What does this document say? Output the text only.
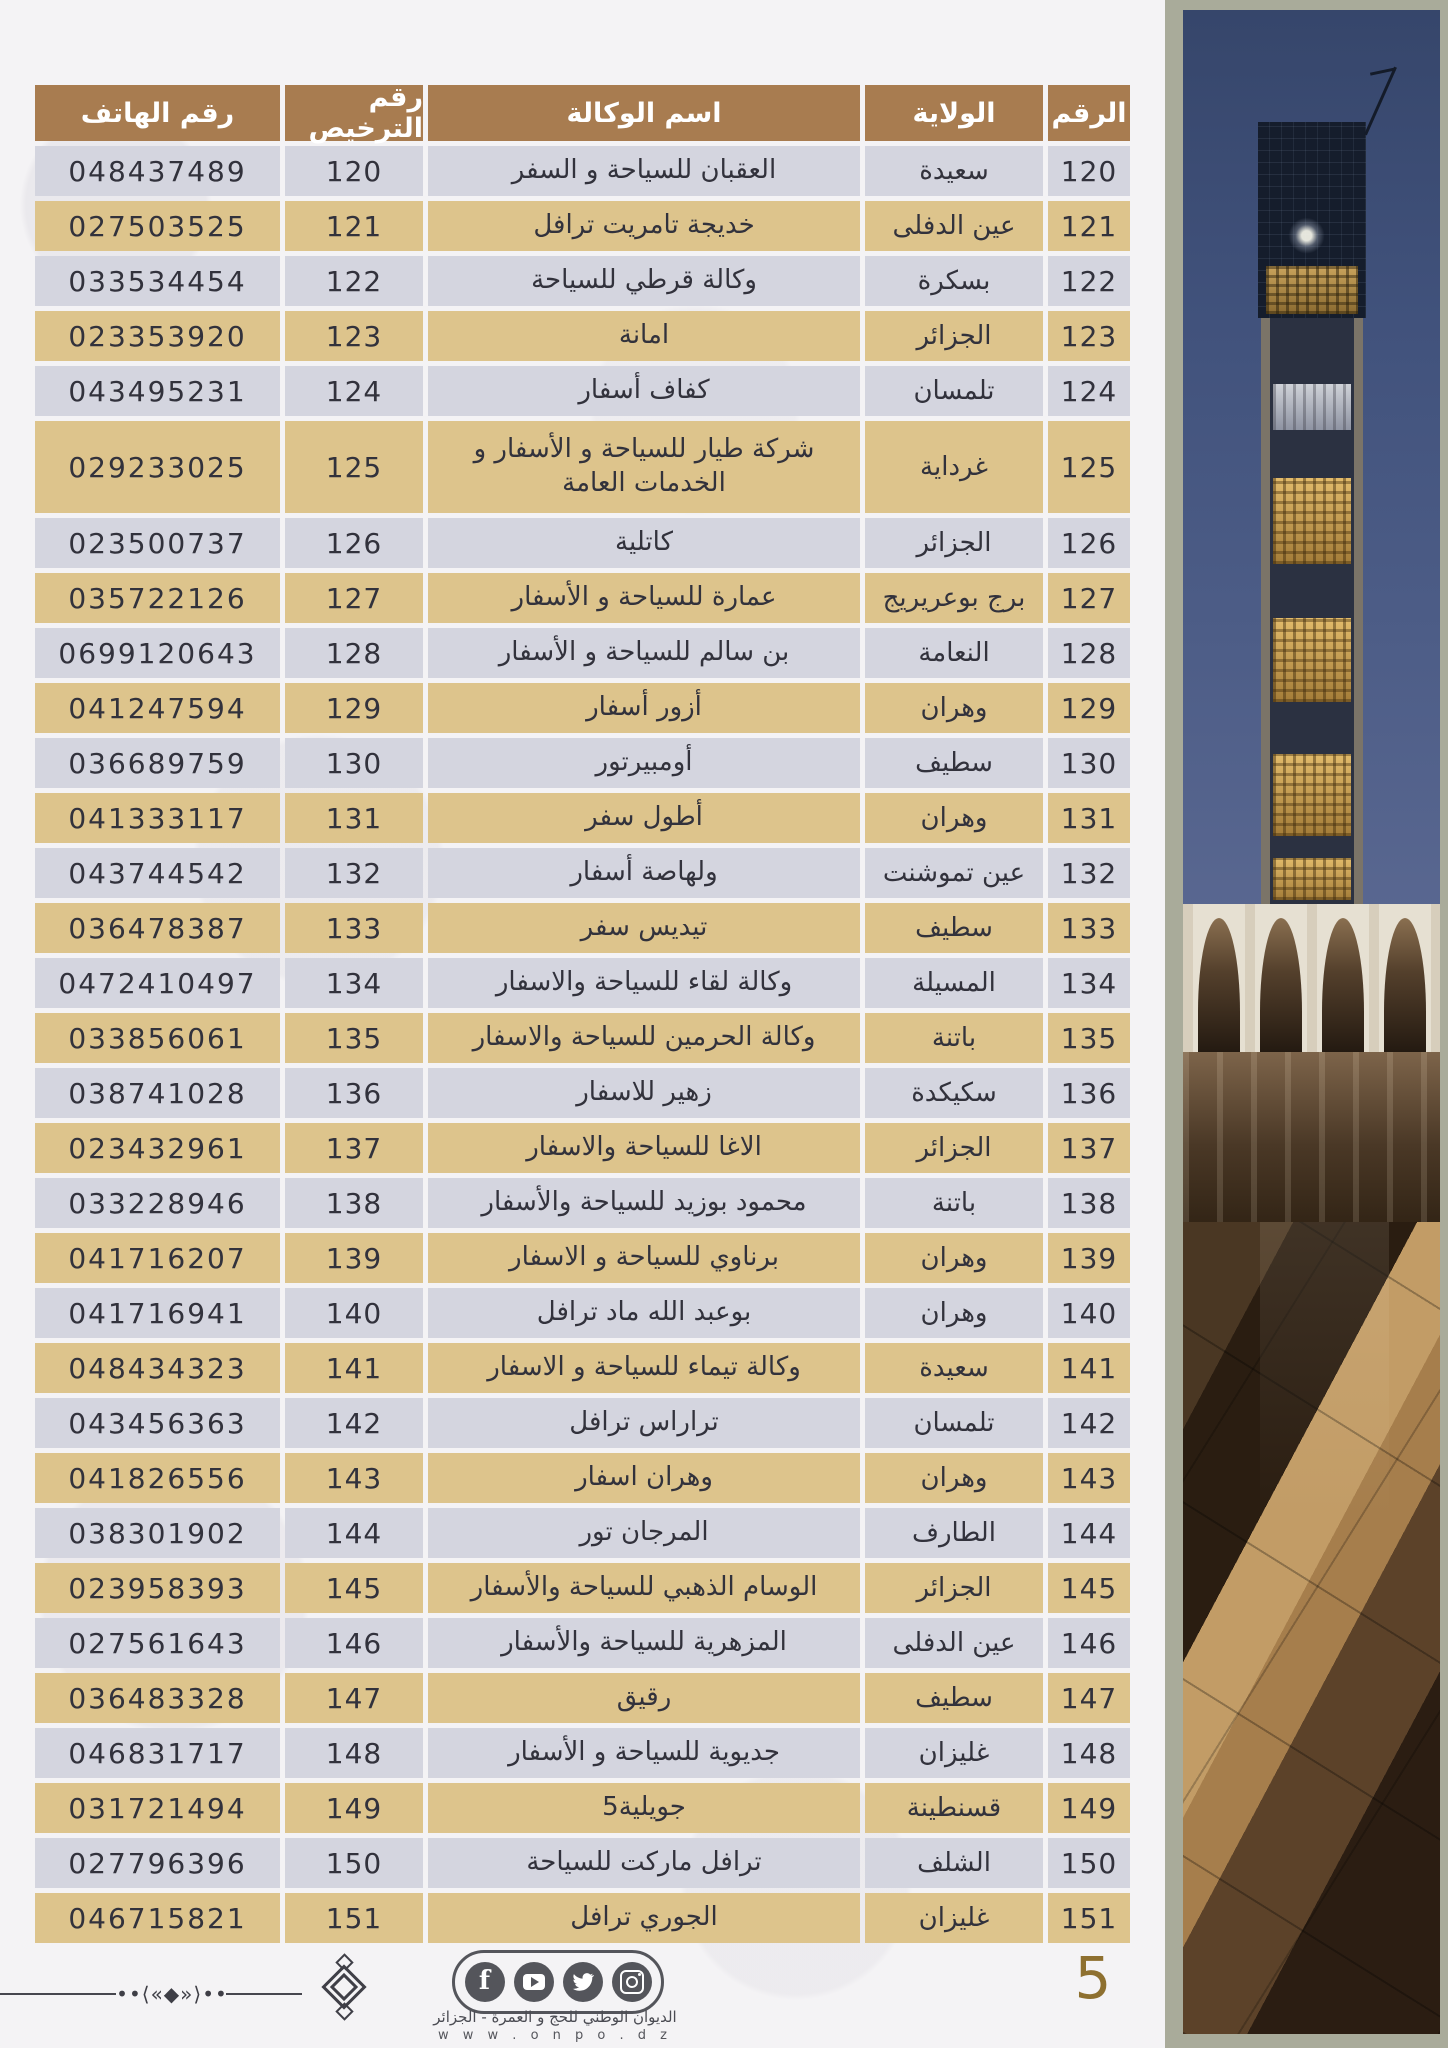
الرقم
الولاية
اسم الوكالة
رقم الترخيص
رقم الهاتف
120
سعيدة
العقبان للسياحة و السفر
120
048437489
121
عين الدفلى
خديجة تامريت ترافل
121
027503525
122
بسكرة
وكالة قرطي للسياحة
122
033534454
123
الجزائر
امانة
123
023353920
124
تلمسان
كفاف أسفار
124
043495231
125
غرداية
شركة طيار للسياحة و الأسفار و الخدمات العامة
125
029233025
126
الجزائر
كاتلية
126
023500737
127
برج بوعريريج
عمارة للسياحة و الأسفار
127
035722126
128
النعامة
بن سالم للسياحة و الأسفار
128
0699120643
129
وهران
أزور أسفار
129
041247594
130
سطيف
أومبيرتور
130
036689759
131
وهران
أطول سفر
131
041333117
132
عين تموشنت
ولهاصة أسفار
132
043744542
133
سطيف
تيديس سفر
133
036478387
134
المسيلة
وكالة لقاء للسياحة والاسفار
134
0472410497
135
باتنة
وكالة الحرمين للسياحة والاسفار
135
033856061
136
سكيكدة
زهير للاسفار
136
038741028
137
الجزائر
الاغا للسياحة والاسفار
137
023432961
138
باتنة
محمود بوزيد للسياحة والأسفار
138
033228946
139
وهران
برناوي للسياحة و الاسفار
139
041716207
140
وهران
بوعبد الله ماد ترافل
140
041716941
141
سعيدة
وكالة تيماء للسياحة و الاسفار
141
048434323
142
تلمسان
تراراس ترافل
142
043456363
143
وهران
وهران اسفار
143
041826556
144
الطارف
المرجان تور
144
038301902
145
الجزائر
الوسام الذهبي للسياحة والأسفار
145
023958393
146
عين الدفلى
المزهرية للسياحة والأسفار
146
027561643
147
سطيف
رقيق
147
036483328
148
غليزان
جديوية للسياحة و الأسفار
148
046831717
149
قسنطينة
جويلية5
149
031721494
150
الشلف
ترافل ماركت للسياحة
150
027796396
151
غليزان
الجوري ترافل
151
046715821
••⟨«◆»⟩••	f
الديوان الوطني للحج و العمرة - الجزائر
w w w . o n p o . d z
5
